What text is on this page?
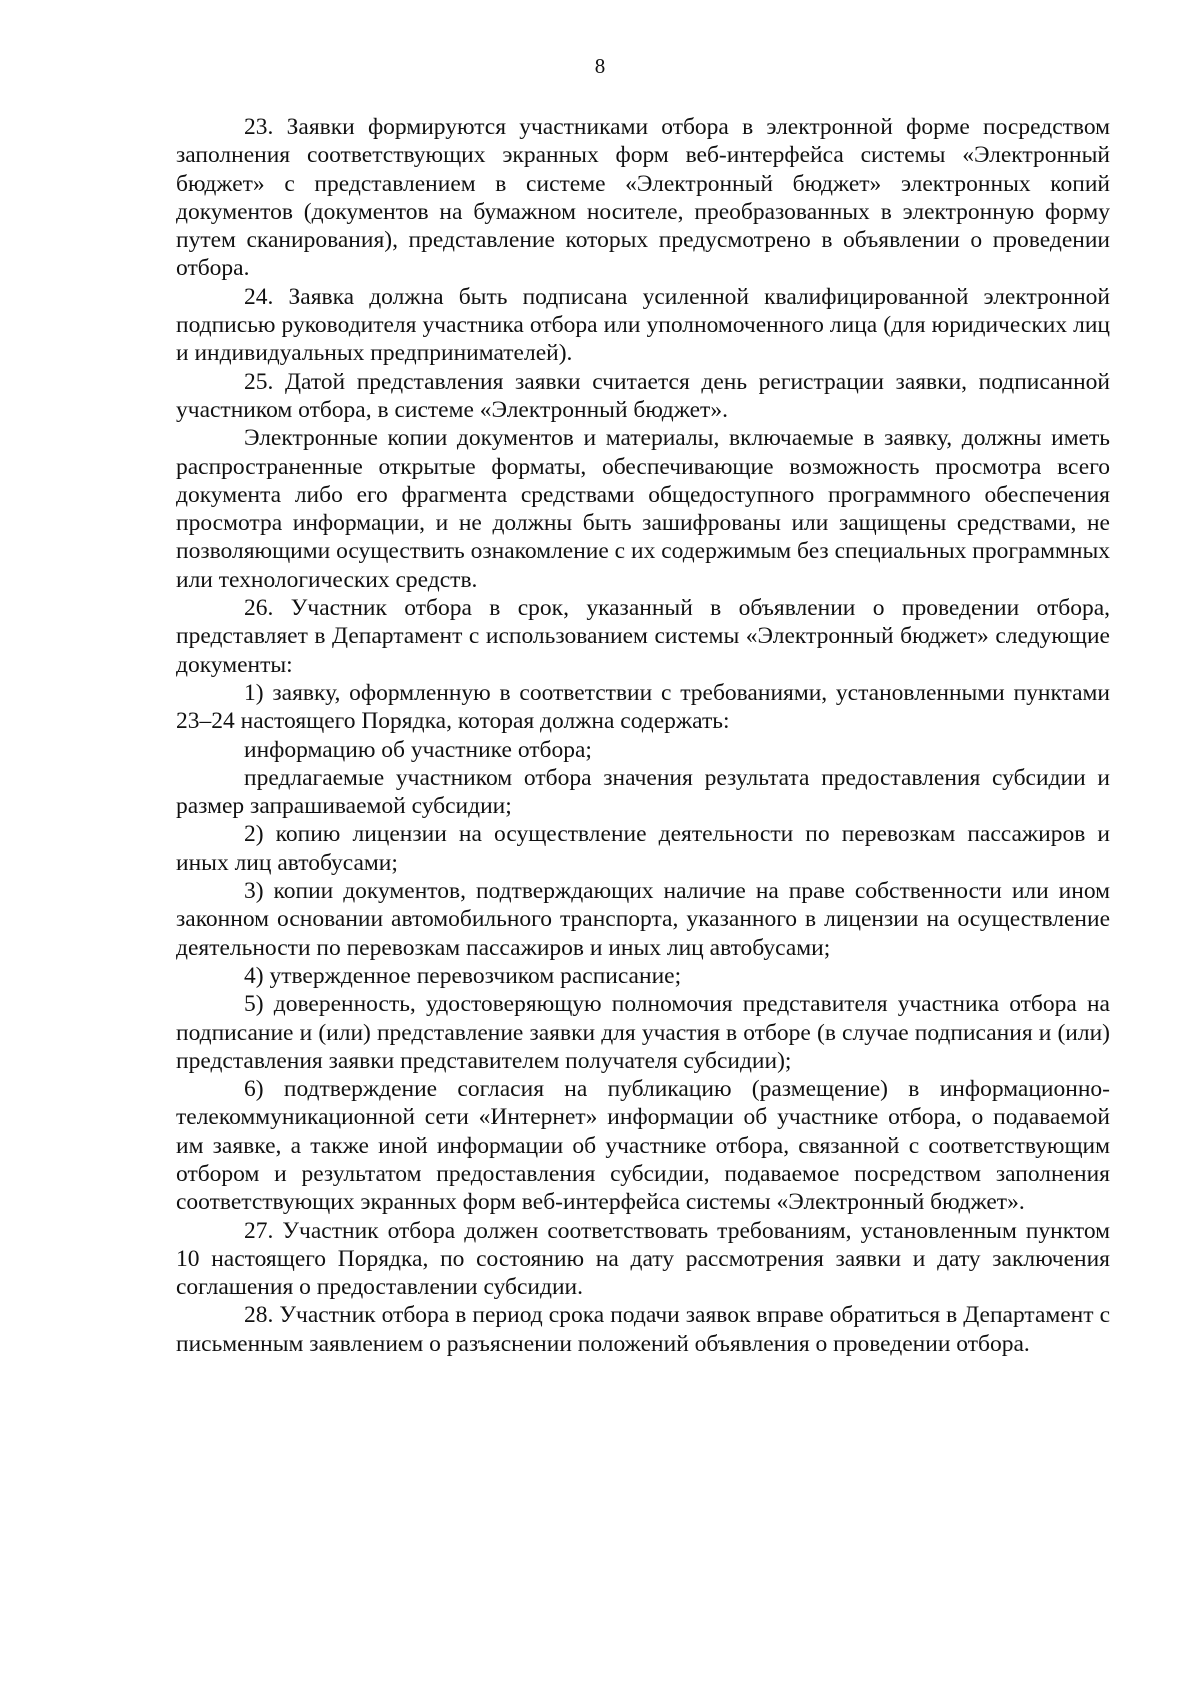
8

23. Заявки формируются участниками отбора в электронной форме посредством заполнения соответствующих экранных форм веб-интерфейса системы «Электронный бюджет» с представлением в системе «Электронный бюджет» электронных копий документов (документов на бумажном носителе, преобразованных в электронную форму путем сканирования), представление которых предусмотрено в объявлении о проведении отбора.

24. Заявка должна быть подписана усиленной квалифицированной электронной подписью руководителя участника отбора или уполномоченного лица (для юридических лиц и индивидуальных предпринимателей).

25. Датой представления заявки считается день регистрации заявки, подписанной участником отбора, в системе «Электронный бюджет».

Электронные копии документов и материалы, включаемые в заявку, должны иметь распространенные открытые форматы, обеспечивающие возможность просмотра всего документа либо его фрагмента средствами общедоступного программного обеспечения просмотра информации, и не должны быть зашифрованы или защищены средствами, не позволяющими осуществить ознакомление с их содержимым без специальных программных или технологических средств.

26. Участник отбора в срок, указанный в объявлении о проведении отбора, представляет в Департамент с использованием системы «Электронный бюджет» следующие документы:

1) заявку, оформленную в соответствии с требованиями, установленными пунктами 23–24 настоящего Порядка, которая должна содержать:

информацию об участнике отбора;

предлагаемые участником отбора значения результата предоставления субсидии и размер запрашиваемой субсидии;

2) копию лицензии на осуществление деятельности по перевозкам пассажиров и иных лиц автобусами;

3) копии документов, подтверждающих наличие на праве собственности или ином законном основании автомобильного транспорта, указанного в лицензии на осуществление деятельности по перевозкам пассажиров и иных лиц автобусами;

4) утвержденное перевозчиком расписание;

5) доверенность, удостоверяющую полномочия представителя участника отбора на подписание и (или) представление заявки для участия в отборе (в случае подписания и (или) представления заявки представителем получателя субсидии);

6) подтверждение согласия на публикацию (размещение) в информационно-телекоммуникационной сети «Интернет» информации об участнике отбора, о подаваемой им заявке, а также иной информации об участнике отбора, связанной с соответствующим отбором и результатом предоставления субсидии, подаваемое посредством заполнения соответствующих экранных форм веб-интерфейса системы «Электронный бюджет».

27. Участник отбора должен соответствовать требованиям, установленным пунктом 10 настоящего Порядка, по состоянию на дату рассмотрения заявки и дату заключения соглашения о предоставлении субсидии.

28. Участник отбора в период срока подачи заявок вправе обратиться в Департамент с письменным заявлением о разъяснении положений объявления о проведении отбора.
